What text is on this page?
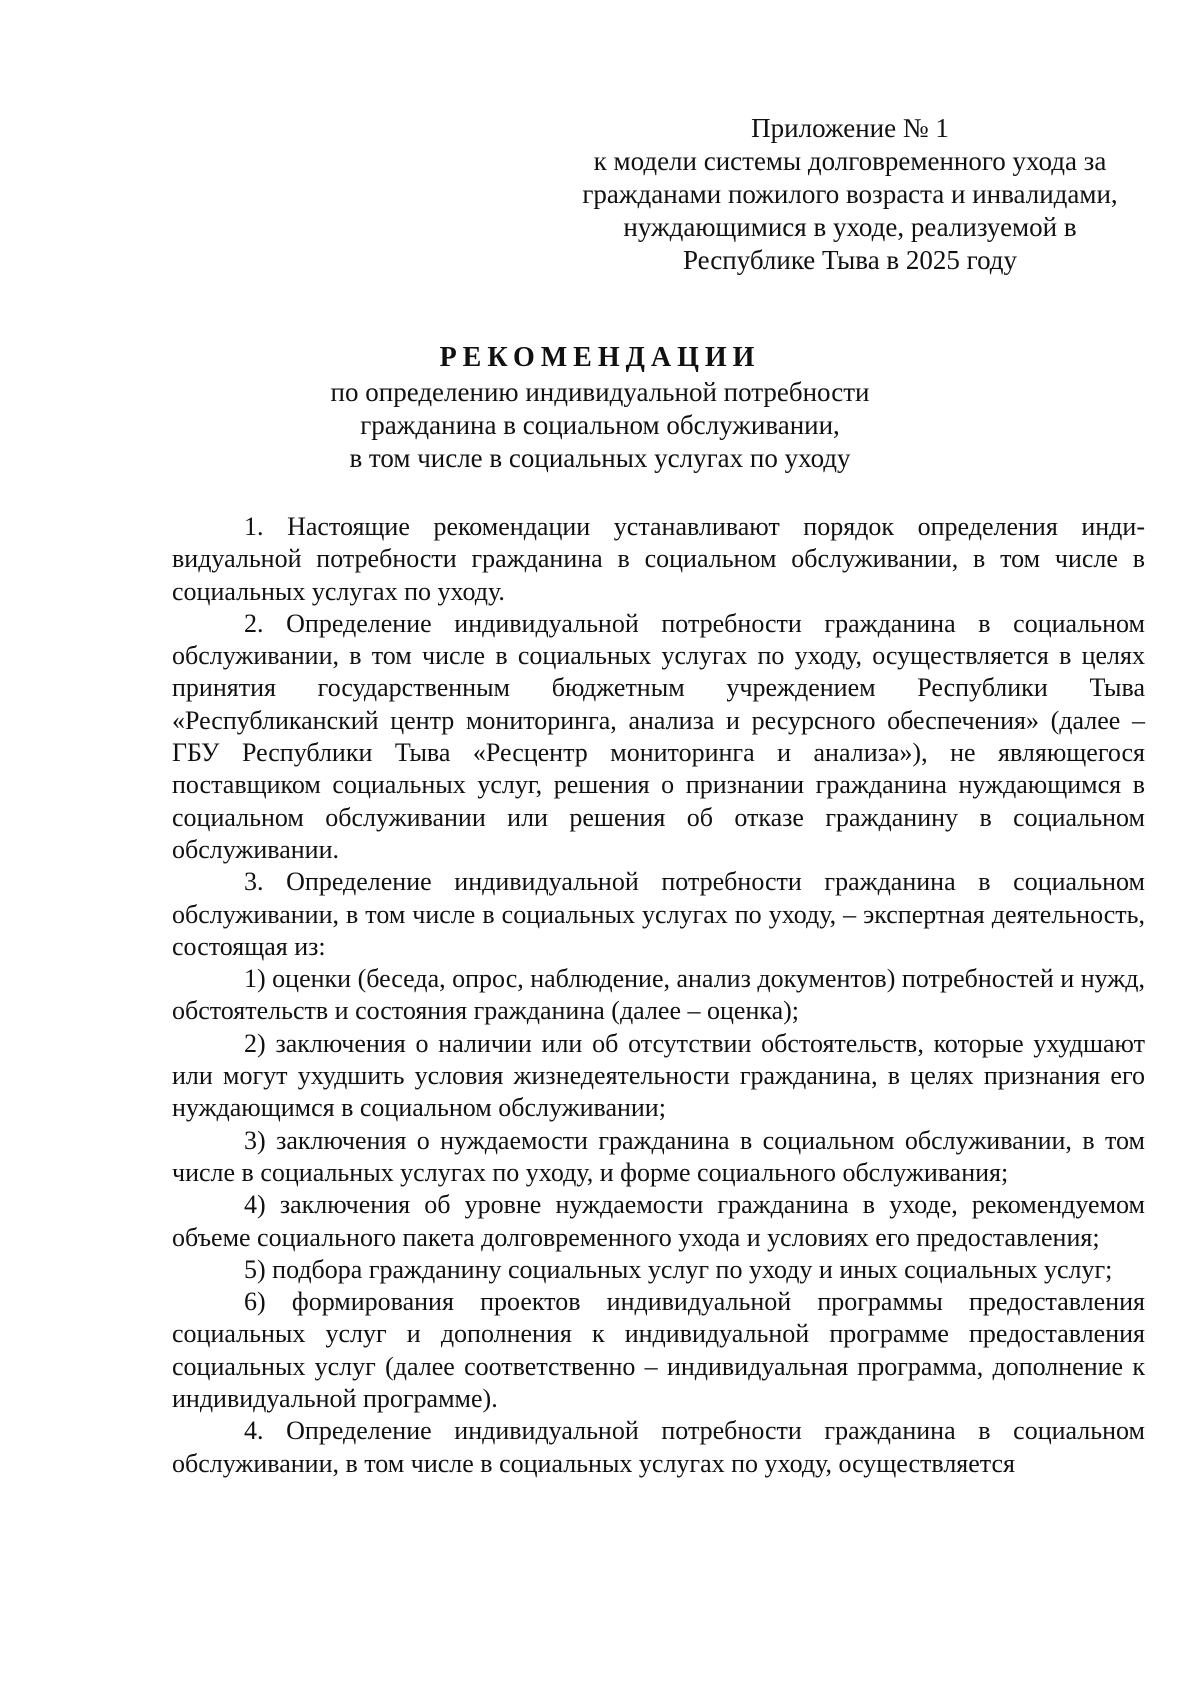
Приложение № 1
к модели системы долговременного ухода за
гражданами пожилого возраста и инвалидами,
нуждающимися в уходе, реализуемой в
Республике Тыва в 2025 году
РЕКОМЕНДАЦИИ
по определению индивидуальной потребности
гражданина в социальном обслуживании,
в том числе в социальных услугах по уходу

1. Настоящие рекомендации устанавливают порядок определения индивидуальной потребности гражданина в социальном обслуживании, в том числе в социальных услугах по уходу.

2. Определение индивидуальной потребности гражданина в социальном обслуживании, в том числе в социальных услугах по уходу, осуществляется в целях принятия государственным бюджетным учреждением Республики Тыва «Республиканский центр мониторинга, анализа и ресурсного обеспечения» (далее – ГБУ Республики Тыва «Ресцентр мониторинга и анализа»), не являющегося поставщиком социальных услуг, решения о признании гражданина нуждающимся в социальном обслуживании или решения об отказе гражданину в социальном обслуживании.

3. Определение индивидуальной потребности гражданина в социальном обслуживании, в том числе в социальных услугах по уходу, – экспертная деятельность, состоящая из:

1) оценки (беседа, опрос, наблюдение, анализ документов) потребностей и нужд, обстоятельств и состояния гражданина (далее – оценка);

2) заключения о наличии или об отсутствии обстоятельств, которые ухудшают или могут ухудшить условия жизнедеятельности гражданина, в целях признания его нуждающимся в социальном обслуживании;

3) заключения о нуждаемости гражданина в социальном обслуживании, в том числе в социальных услугах по уходу, и форме социального обслуживания;

4) заключения об уровне нуждаемости гражданина в уходе, рекомендуемом объеме социального пакета долговременного ухода и условиях его предоставления;

5) подбора гражданину социальных услуг по уходу и иных социальных услуг;

6) формирования проектов индивидуальной программы предоставления социальных услуг и дополнения к индивидуальной программе предоставления социальных услуг (далее соответственно – индивидуальная программа, дополнение к индивидуальной программе).

4. Определение индивидуальной потребности гражданина в социальном обслуживании, в том числе в социальных услугах по уходу, осуществляется
